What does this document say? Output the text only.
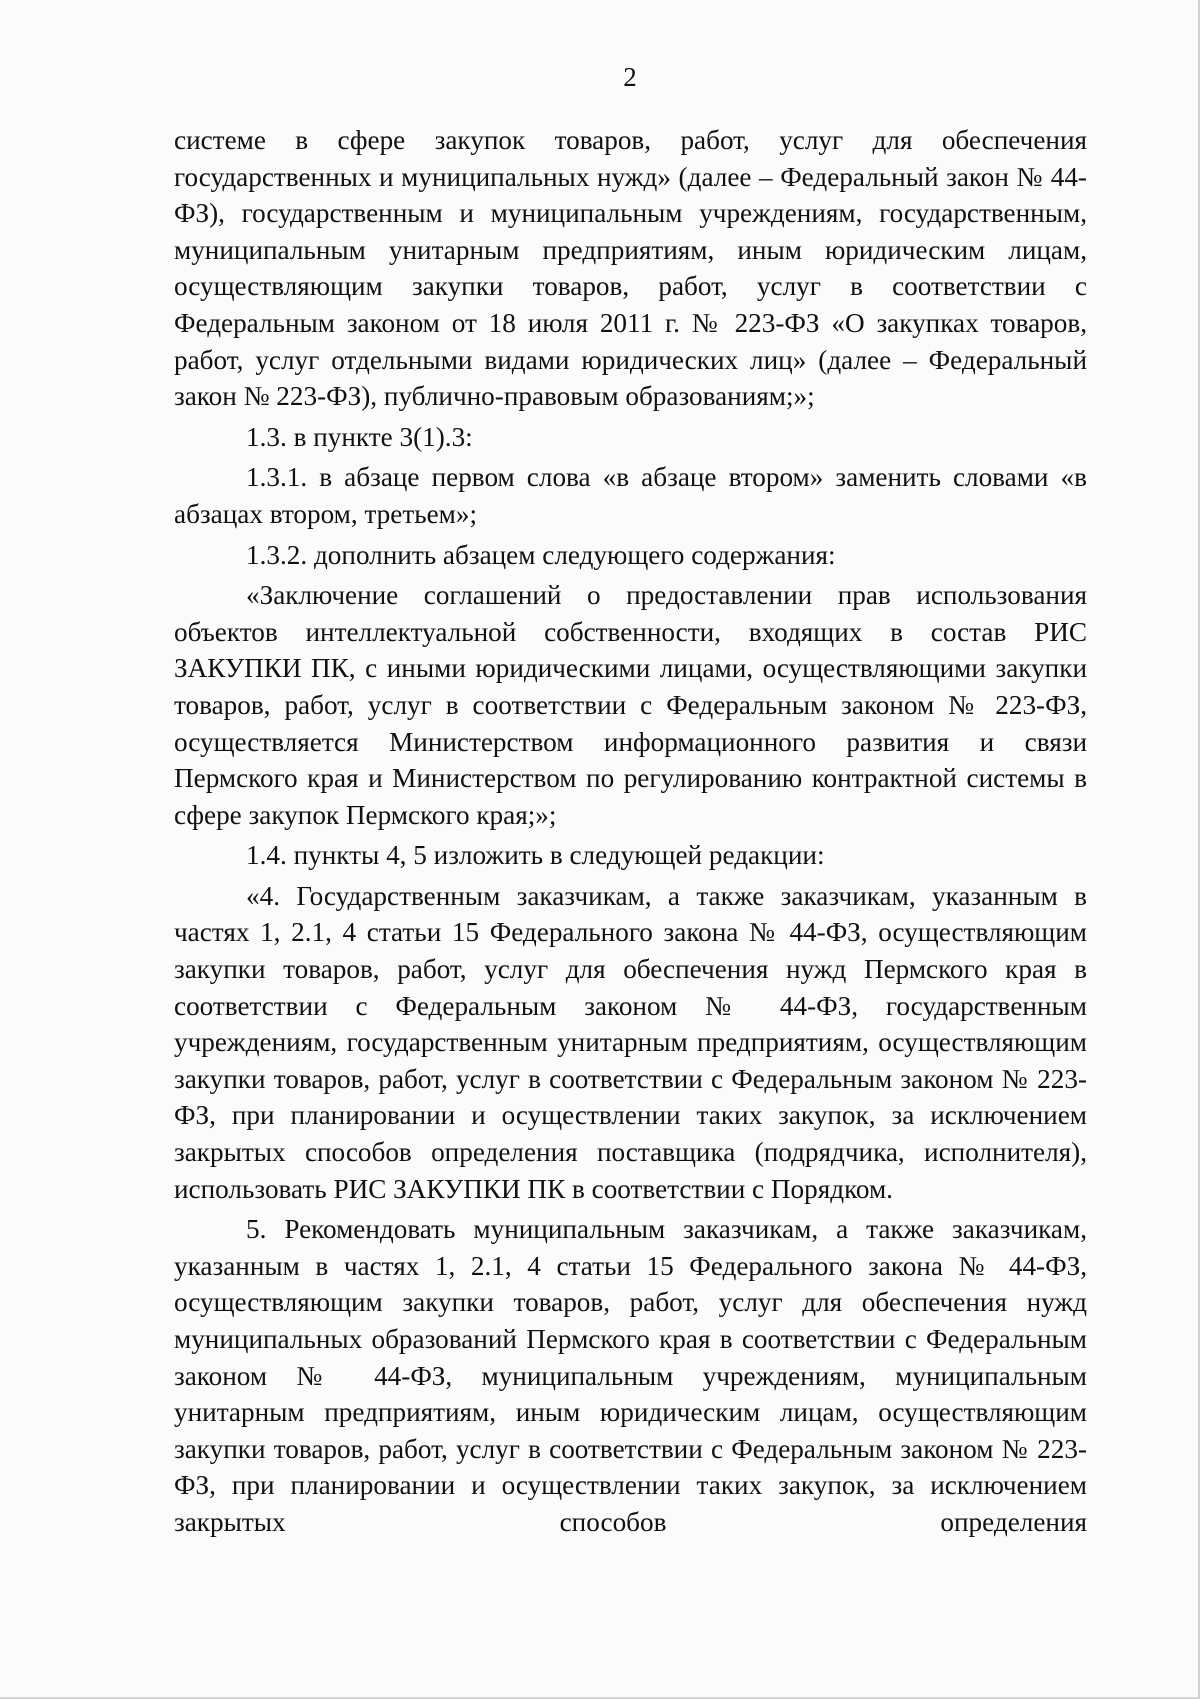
2

системе в сфере закупок товаров, работ, услуг для обеспечения государственных и муниципальных нужд» (далее – Федеральный закон № 44-ФЗ), государственным и муниципальным учреждениям, государственным, муниципальным унитарным предприятиям, иным юридическим лицам, осуществляющим закупки товаров, работ, услуг в соответствии с Федеральным законом от 18 июля 2011 г. № 223-ФЗ «О закупках товаров, работ, услуг отдельными видами юридических лиц» (далее – Федеральный закон № 223-ФЗ), публично-правовым образованиям;»;

1.3. в пункте 3(1).3:

1.3.1. в абзаце первом слова «в абзаце втором» заменить словами «в абзацах втором, третьем»;

1.3.2. дополнить абзацем следующего содержания:

«Заключение соглашений о предоставлении прав использования объектов интеллектуальной собственности, входящих в состав РИС ЗАКУПКИ ПК, с иными юридическими лицами, осуществляющими закупки товаров, работ, услуг в соответствии с Федеральным законом № 223-ФЗ, осуществляется Министерством информационного развития и связи Пермского края и Министерством по регулированию контрактной системы в сфере закупок Пермского края;»;

1.4. пункты 4, 5 изложить в следующей редакции:

«4. Государственным заказчикам, а также заказчикам, указанным в частях 1, 2.1, 4 статьи 15 Федерального закона № 44-ФЗ, осуществляющим закупки товаров, работ, услуг для обеспечения нужд Пермского края в соответствии с Федеральным законом № 44-ФЗ, государственным учреждениям, государственным унитарным предприятиям, осуществляющим закупки товаров, работ, услуг в соответствии с Федеральным законом № 223-ФЗ, при планировании и осуществлении таких закупок, за исключением закрытых способов определения поставщика (подрядчика, исполнителя), использовать РИС ЗАКУПКИ ПК в соответствии с Порядком.

5. Рекомендовать муниципальным заказчикам, а также заказчикам, указанным в частях 1, 2.1, 4 статьи 15 Федерального закона № 44-ФЗ, осуществляющим закупки товаров, работ, услуг для обеспечения нужд муниципальных образований Пермского края в соответствии с Федеральным законом № 44-ФЗ, муниципальным учреждениям, муниципальным унитарным предприятиям, иным юридическим лицам, осуществляющим закупки товаров, работ, услуг в соответствии с Федеральным законом № 223-ФЗ, при планировании и осуществлении таких закупок, за исключением закрытых способов определения
